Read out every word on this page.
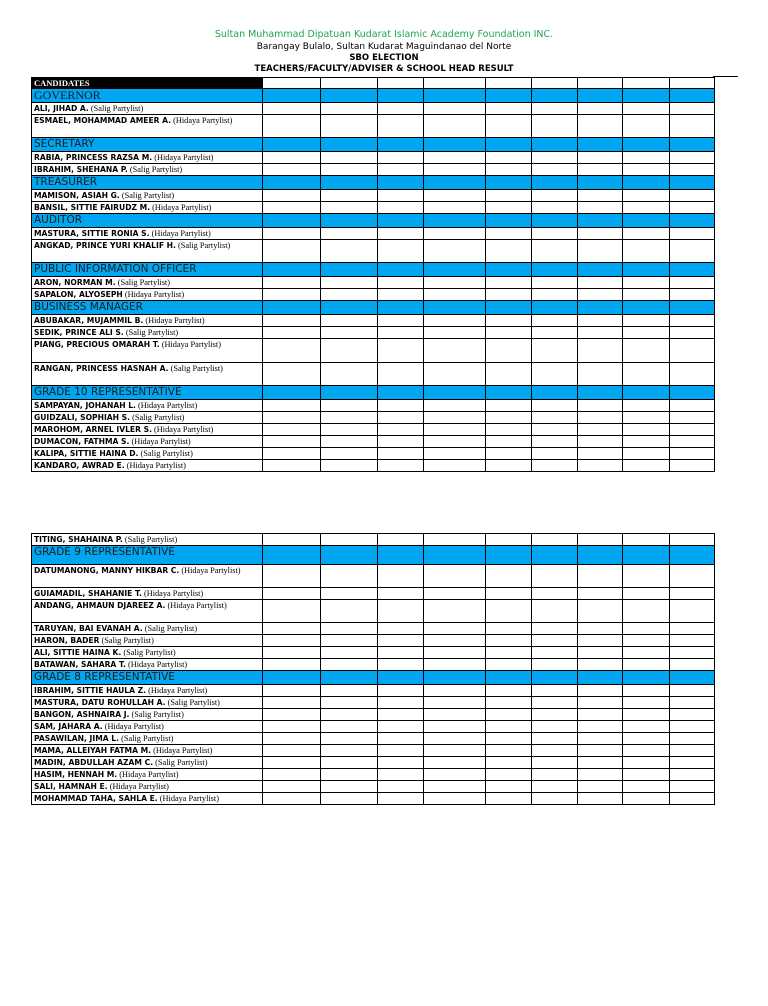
Sultan Muhammad Dipatuan Kudarat Islamic Academy Foundation INC.
Barangay Bulalo, Sultan Kudarat Maguindanao del Norte
SBO ELECTION
TEACHERS/FACULTY/ADVISER & SCHOOL HEAD RESULT
CANDIDATES									
GOVERNOR									
ALI, JIHAD A. (Salig Partylist)									
ESMAEL, MOHAMMAD AMEER A. (Hidaya Partylist)									
SECRETARY									
RABIA, PRINCESS RAZSA M. (Hidaya Partylist)									
IBRAHIM, SHEHANA P. (Salig Partylist)									
TREASURER									
MAMISON, ASIAH G. (Salig Partylist)									
BANSIL, SITTIE FAIRUDZ M. (Hidaya Partylist)									
AUDITOR									
MASTURA, SITTIE RONIA S. (Hidaya Partylist)									
ANGKAD, PRINCE YURI KHALIF H. (Salig Partylist)									
PUBLIC INFORMATION OFFICER									
ARON, NORMAN M. (Salig Partylist)									
SAPALON, ALYOSEPH (Hidaya Partylist)									
BUSINESS MANAGER									
ABUBAKAR, MUJAMMIL B. (Hidaya Partylist)									
SEDIK, PRINCE ALI S. (Salig Partylist)									
PIANG, PRECIOUS OMARAH T. (Hidaya Partylist)									
RANGAN, PRINCESS HASNAH A. (Salig Partylist)									
GRADE 10 REPRESENTATIVE									
SAMPAYAN, JOHANAH L. (Hidaya Partylist)									
GUIDZALI, SOPHIAH S. (Salig Partylist)									
MAROHOM, ARNEL IVLER S. (Hidaya Partylist)									
DUMACON, FATHMA S. (Hidaya Partylist)									
KALIPA, SITTIE HAINA D. (Salig Partylist)									
KANDARO, AWRAD E. (Hidaya Partylist)									
TITING, SHAHAINA P. (Salig Partylist)									
GRADE 9 REPRESENTATIVE									
DATUMANONG, MANNY HIKBAR C. (Hidaya Partylist)									
GUIAMADIL, SHAHANIE T. (Hidaya Partylist)									
ANDANG, AHMAUN DJAREEZ A. (Hidaya Partylist)									
TARUYAN, BAI EVANAH A. (Salig Partylist)									
HARON, BADER (Salig Partylist)									
ALI, SITTIE HAINA K. (Salig Partylist)									
BATAWAN, SAHARA T. (Hidaya Partylist)									
GRADE 8 REPRESENTATIVE									
IBRAHIM, SITTIE HAULA Z. (Hidaya Partylist)									
MASTURA, DATU ROHULLAH A. (Salig Partylist)									
BANGON, ASHNAIRA J. (Salig Partylist)									
SAM, JAHARA A. (Hidaya Partylist)									
PASAWILAN, JIMA L. (Salig Partylist)									
MAMA, ALLEIYAH FATMA M. (Hidaya Partylist)									
MADIN, ABDULLAH AZAM C. (Salig Partylist)									
HASIM, HENNAH M. (Hidaya Partylist)									
SALI, HAMNAH E. (Hidaya Partylist)									
MOHAMMAD TAHA, SAHLA E. (Hidaya Partylist)									
